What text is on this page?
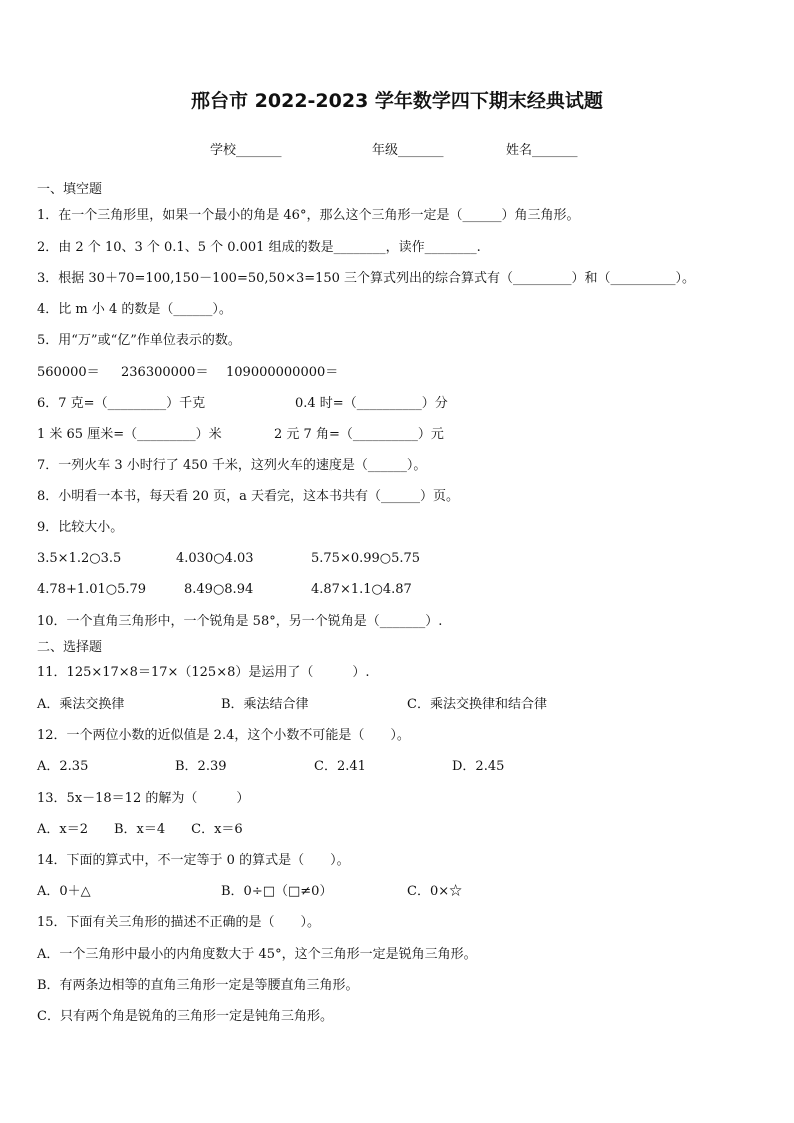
邢台市 2022-2023 学年数学四下期末经典试题
学校_______	年级_______	姓名_______
一、填空题
1．在一个三角形里，如果一个最小的角是 46°，那么这个三角形一定是（______）角三角形。
2．由 2 个 10、3 个 0.1、5 个 0.001 组成的数是________，读作________.
3．根据 30＋70=100,150－100=50,50×3=150 三个算式列出的综合算式有（_________）和（__________）。
4．比 m 小 4 的数是（______）。
5．用“万”或“亿”作单位表示的数。
560000＝ 236300000＝ 109000000000＝
6．7 克=（_________）千克	0.4 时=（__________）分
1 米 65 厘米=（_________）米	2 元 7 角=（__________）元
7．一列火车 3 小时行了 450 千米，这列火车的速度是（______）。
8．小明看一本书，每天看 20 页，a 天看完，这本书共有（______）页。
9．比较大小。
3.5×1.2○3.5	4.030○4.03	5.75×0.99○5.75
4.78+1.01○5.79	8.49○8.94	4.87×1.1○4.87
10．一个直角三角形中，一个锐角是 58°，另一个锐角是（_______）.
二、选择题
11．125×17×8＝17×（125×8）是运用了（　　　）.
A．乘法交换律	B．乘法结合律	C．乘法交换律和结合律
12．一个两位小数的近似值是 2.4，这个小数不可能是（　　）。
A．2.35	B．2.39	C．2.41	D．2.45
13．5x－18＝12 的解为（　　　）
A．x＝2　　B．x＝4　　C．x＝6
14．下面的算式中，不一定等于 0 的算式是（　　）。
A．0＋△	B．0÷□（□≠0）	C．0×☆
15．下面有关三角形的描述不正确的是（　　）。
A．一个三角形中最小的内角度数大于 45°，这个三角形一定是锐角三角形。
B．有两条边相等的直角三角形一定是等腰直角三角形。
C．只有两个角是锐角的三角形一定是钝角三角形。
